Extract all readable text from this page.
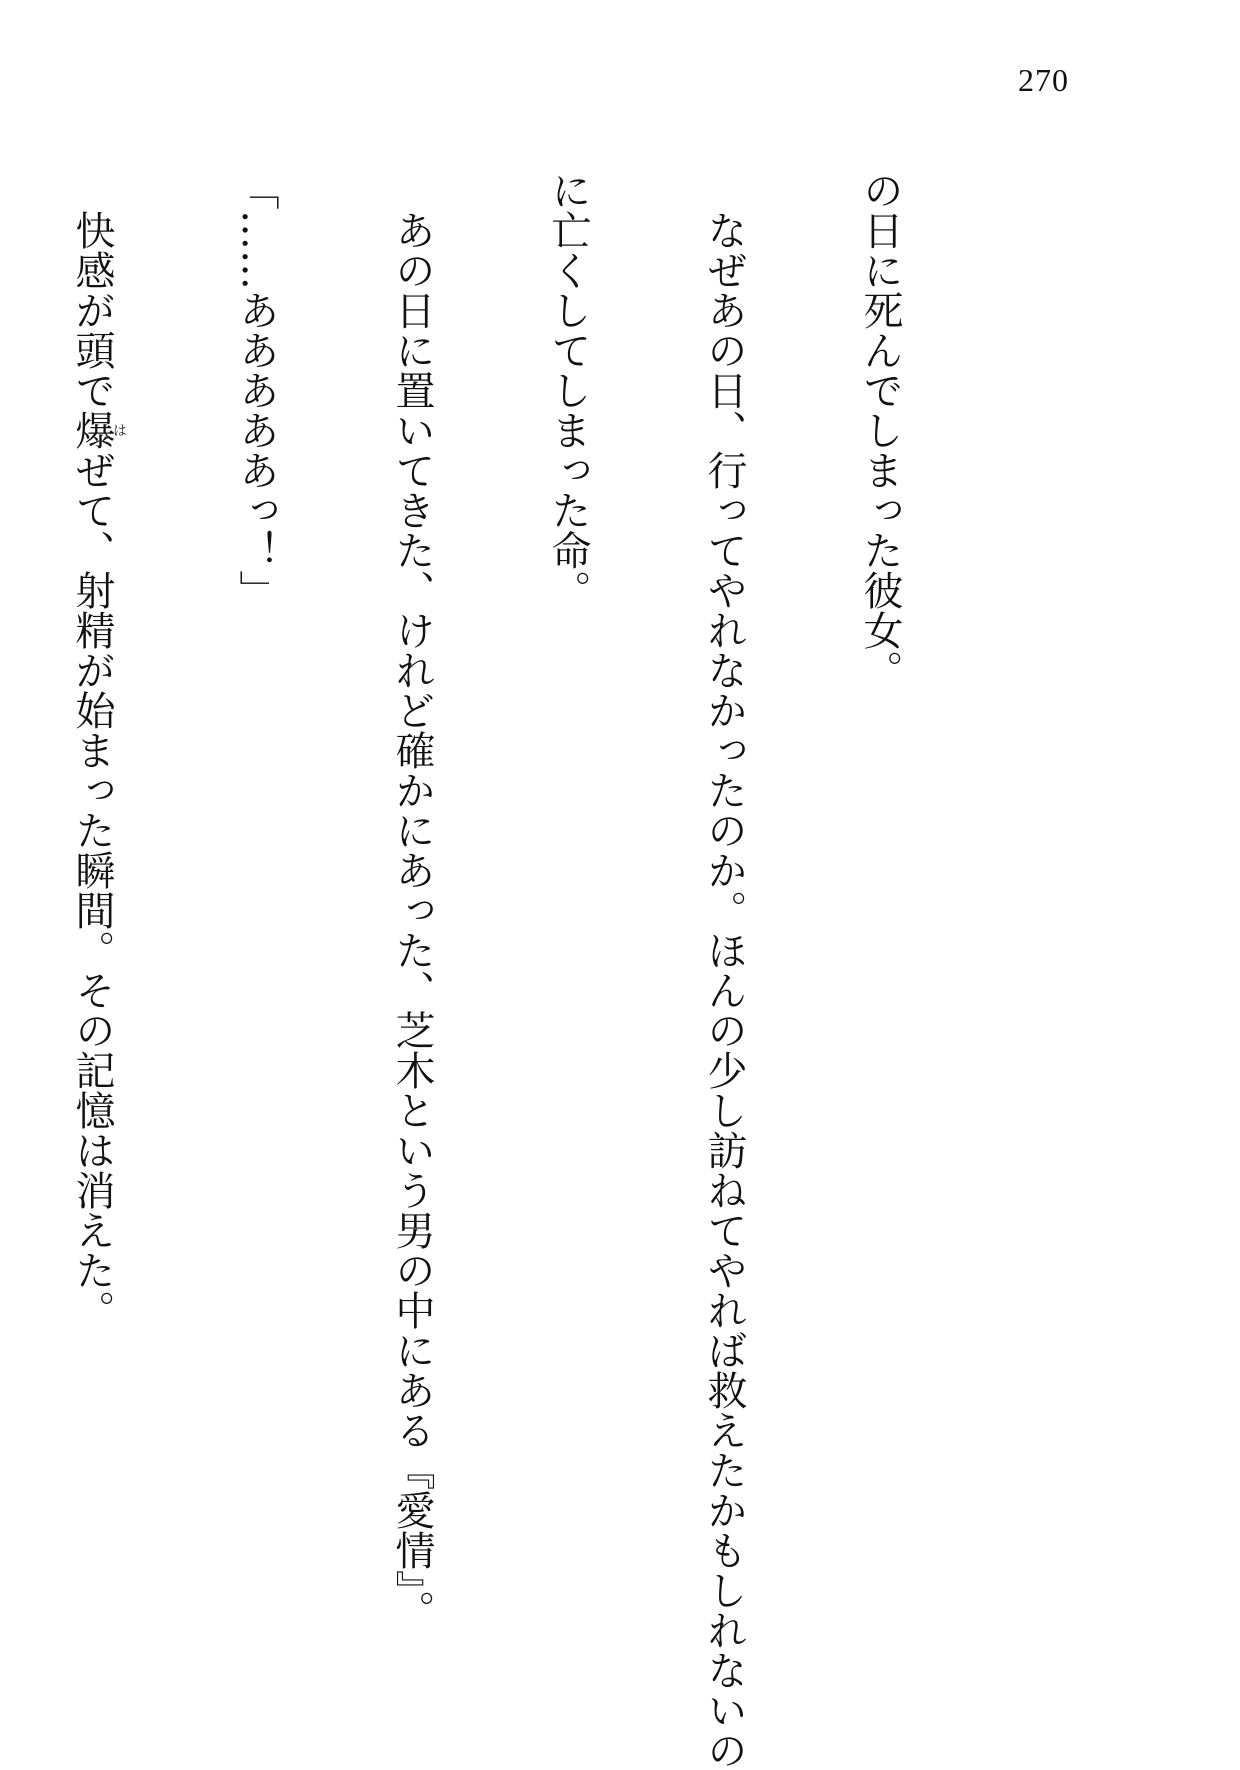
270

の日に死んでしまった彼女。

　なぜあの日、行ってやれなかったのか。ほんの少し訪ねてやれば救えたかもしれないの

に亡くしてしまった命。

　あの日に置いてきた、けれど確かにあった、芝木という男の中にある『愛情』。

「……あああああっ！」

　快感が頭で爆はぜて、射精が始まった瞬間。その記憶は消えた。
